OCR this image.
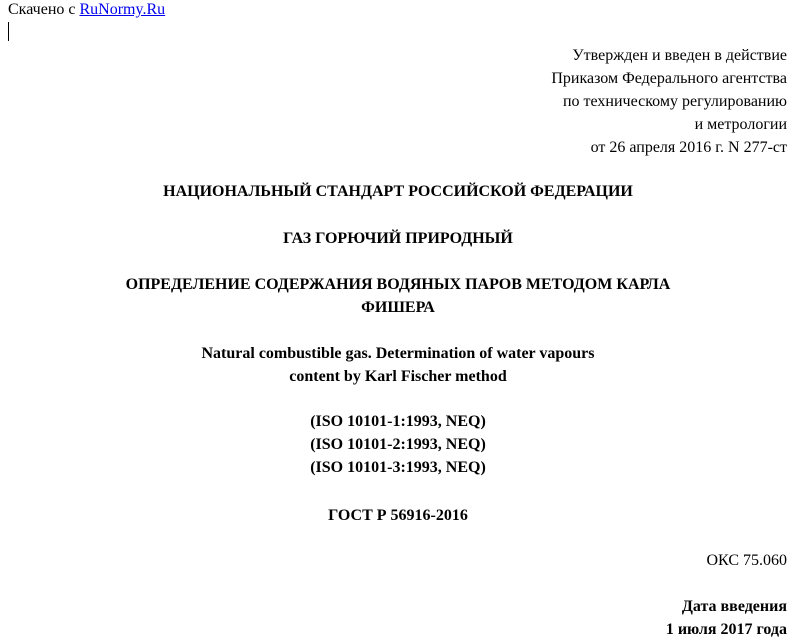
Скачено с RuNormy.Ru
Утвержден и введен в действие
Приказом Федерального агентства
по техническому регулированию
и метрологии
от 26 апреля 2016 г. N 277-ст
НАЦИОНАЛЬНЫЙ СТАНДАРТ РОССИЙСКОЙ ФЕДЕРАЦИИ
ГАЗ ГОРЮЧИЙ ПРИРОДНЫЙ
ОПРЕДЕЛЕНИЕ СОДЕРЖАНИЯ ВОДЯНЫХ ПАРОВ МЕТОДОМ КАРЛА
ФИШЕРА
Natural combustible gas. Determination of water vapours
content by Karl Fischer method
(ISO 10101-1:1993, NEQ)
(ISO 10101-2:1993, NEQ)
(ISO 10101-3:1993, NEQ)
ГОСТ Р 56916-2016
ОКС 75.060
Дата введения
1 июля 2017 года
